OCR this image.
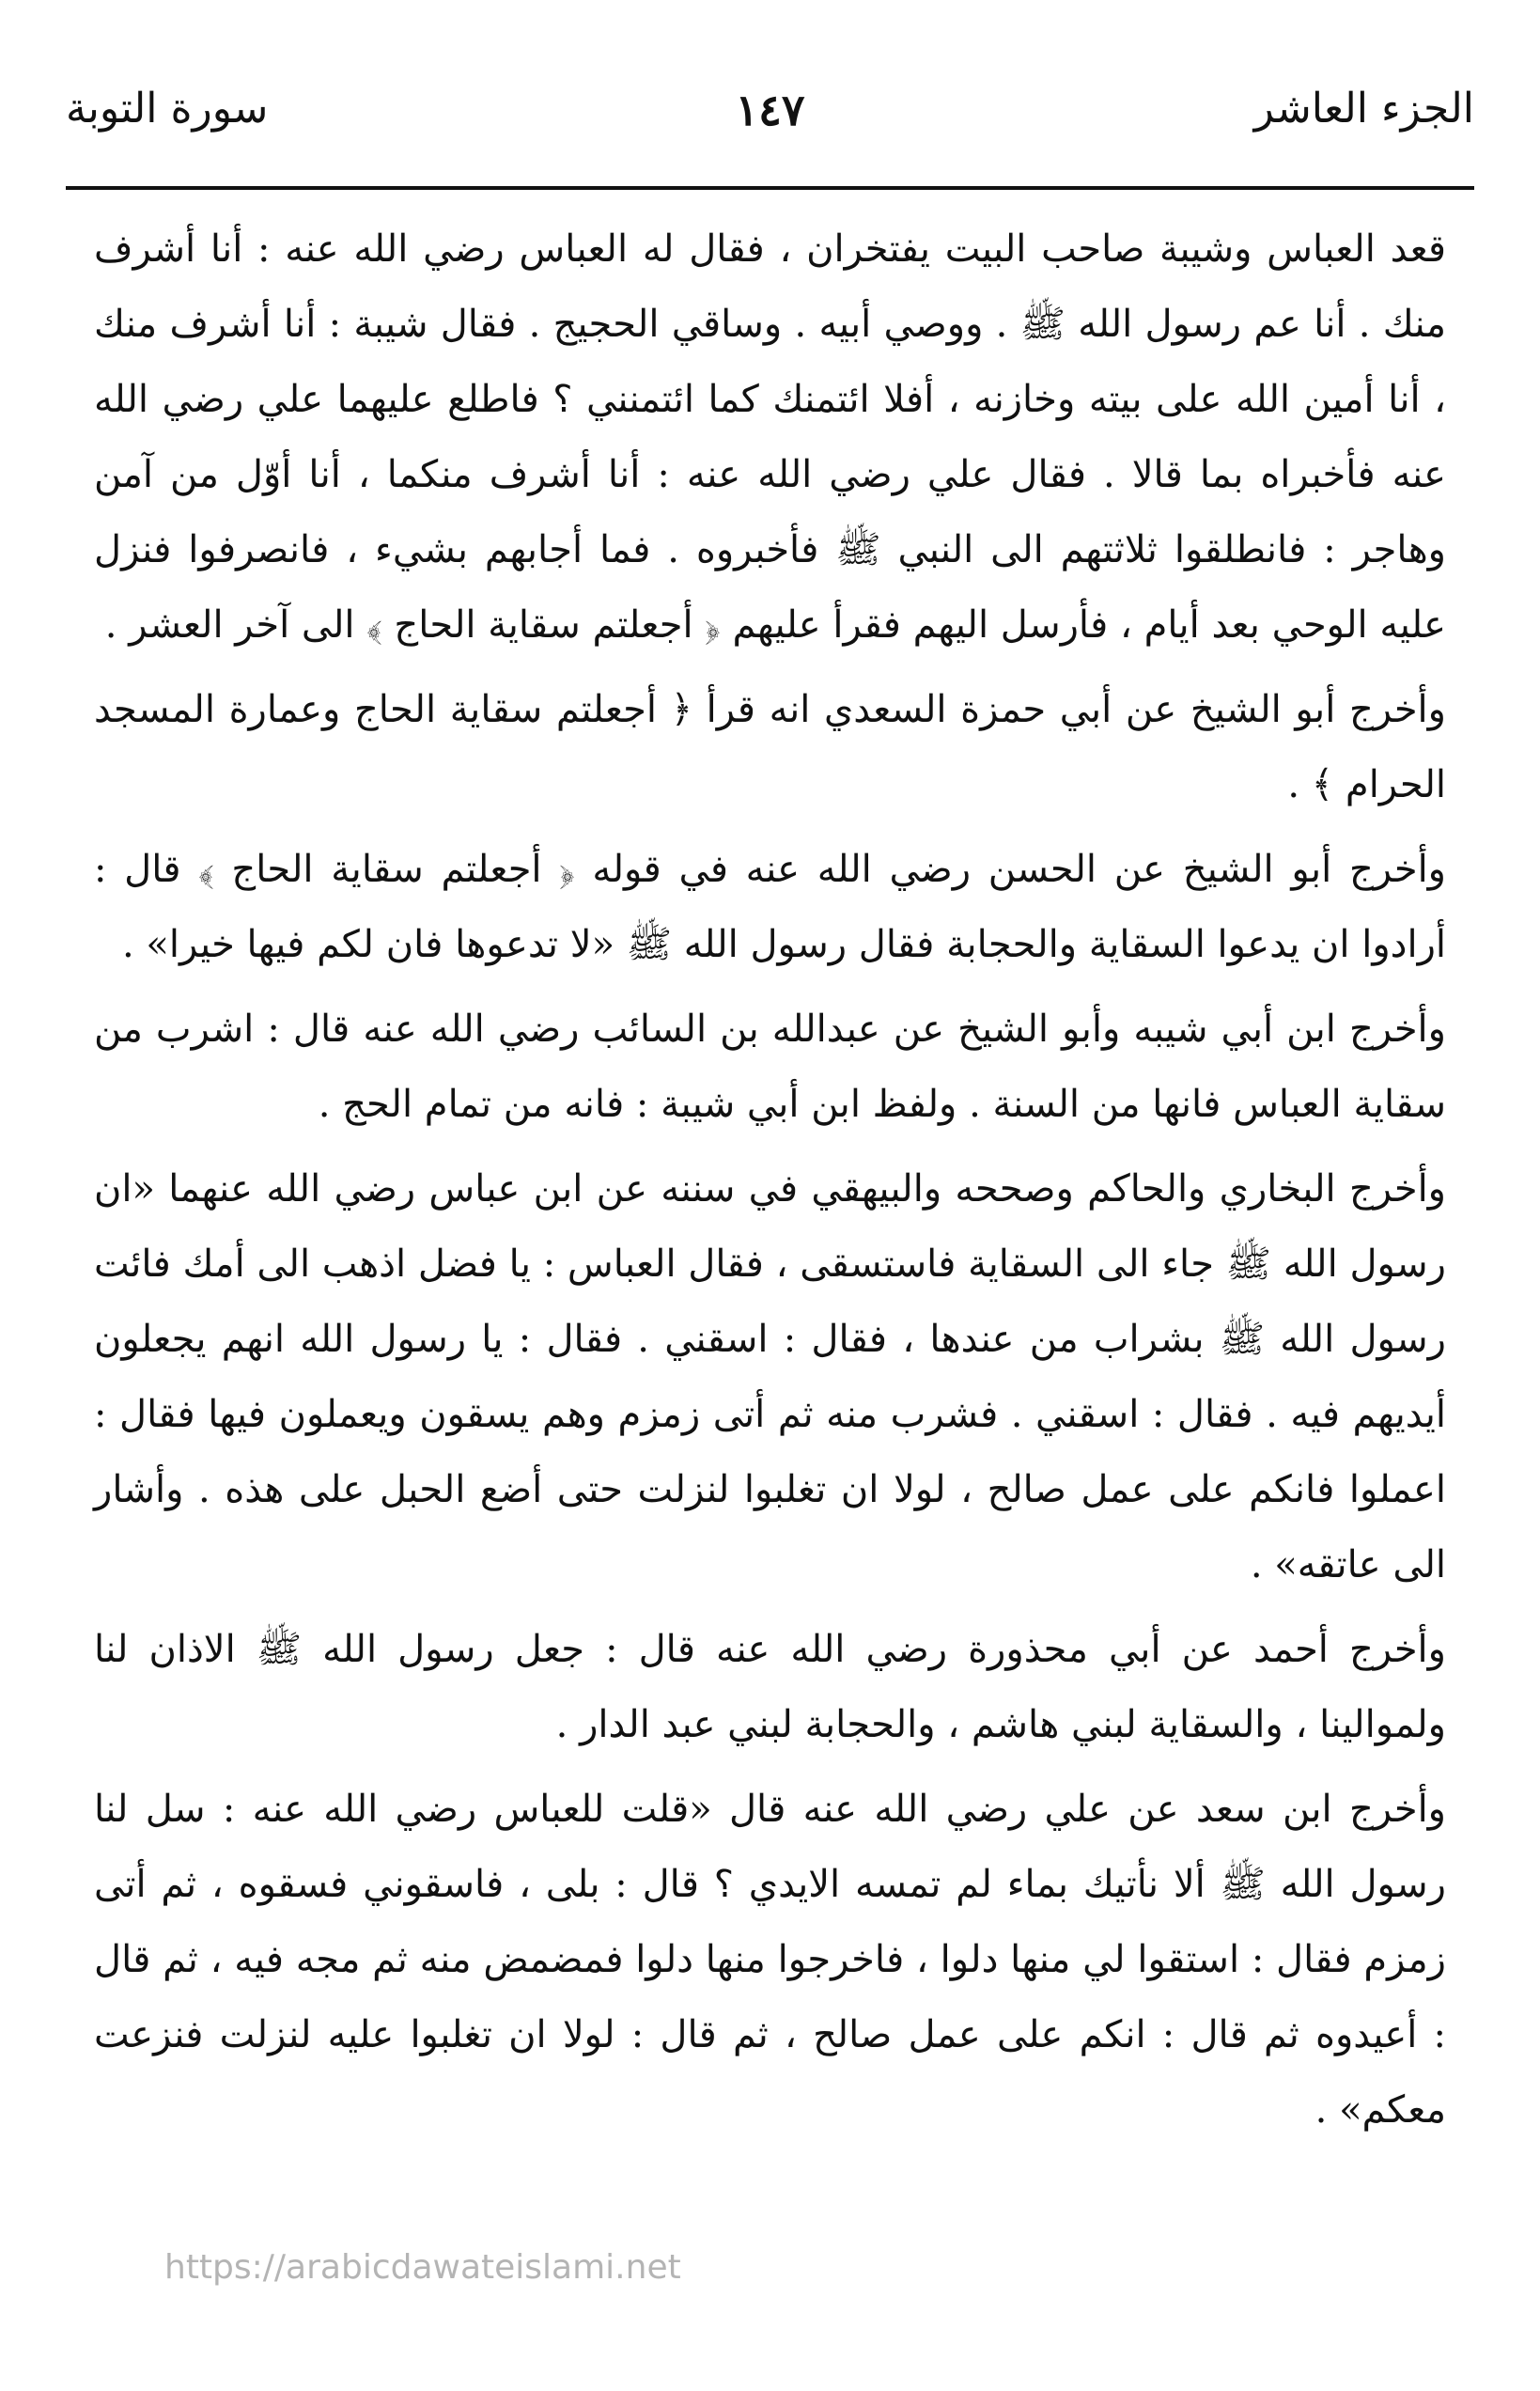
الجزء العاشر
١٤٧
سورة التوبة

قعد العباس وشيبة صاحب البيت يفتخران ، فقال له العباس رضي الله عنه : أنا أشرف منك . أنا عم رسول الله ﷺ . ووصي أبيه . وساقي الحجيج . فقال شيبة : أنا أشرف منك ، أنا أمين الله على بيته وخازنه ، أفلا ائتمنك كما ائتمنني ؟ فاطلع عليهما علي رضي الله عنه فأخبراه بما قالا . فقال علي رضي الله عنه : أنا أشرف منكما ، أنا أوّل من آمن وهاجر : فانطلقوا ثلاثتهم الى النبي ﷺ فأخبروه . فما أجابهم بشيء ، فانصرفوا فنزل عليه الوحي بعد أيام ، فأرسل اليهم فقرأ عليهم ﴿ أجعلتم سقاية الحاج ﴾ الى آخر العشر .

وأخرج أبو الشيخ عن أبي حمزة السعدي انه قرأ ﴿ أجعلتم سقاية الحاج وعمارة المسجد الحرام ﴾ .

وأخرج أبو الشيخ عن الحسن رضي الله عنه في قوله ﴿ أجعلتم سقاية الحاج ﴾ قال : أرادوا ان يدعوا السقاية والحجابة فقال رسول الله ﷺ «لا تدعوها فان لكم فيها خيرا» .

وأخرج ابن أبي شيبه وأبو الشيخ عن عبدالله بن السائب رضي الله عنه قال : اشرب من سقاية العباس فانها من السنة . ولفظ ابن أبي شيبة : فانه من تمام الحج .

وأخرج البخاري والحاكم وصححه والبيهقي في سننه عن ابن عباس رضي الله عنهما «ان رسول الله ﷺ جاء الى السقاية فاستسقى ، فقال العباس : يا فضل اذهب الى أمك فائت رسول الله ﷺ بشراب من عندها ، فقال : اسقني . فقال : يا رسول الله انهم يجعلون أيديهم فيه . فقال : اسقني . فشرب منه ثم أتى زمزم وهم يسقون ويعملون فيها فقال : اعملوا فانكم على عمل صالح ، لولا ان تغلبوا لنزلت حتى أضع الحبل على هذه . وأشار الى عاتقه» .

وأخرج أحمد عن أبي محذورة رضي الله عنه قال : جعل رسول الله ﷺ الاذان لنا ولموالينا ، والسقاية لبني هاشم ، والحجابة لبني عبد الدار .

وأخرج ابن سعد عن علي رضي الله عنه قال «قلت للعباس رضي الله عنه : سل لنا رسول الله ﷺ ألا نأتيك بماء لم تمسه الايدي ؟ قال : بلى ، فاسقوني فسقوه ، ثم أتى زمزم فقال : استقوا لي منها دلوا ، فاخرجوا منها دلوا فمضمض منه ثم مجه فيه ، ثم قال : أعيدوه ثم قال : انكم على عمل صالح ، ثم قال : لولا ان تغلبوا عليه لنزلت فنزعت معكم» .

https://arabicdawateislami.net
